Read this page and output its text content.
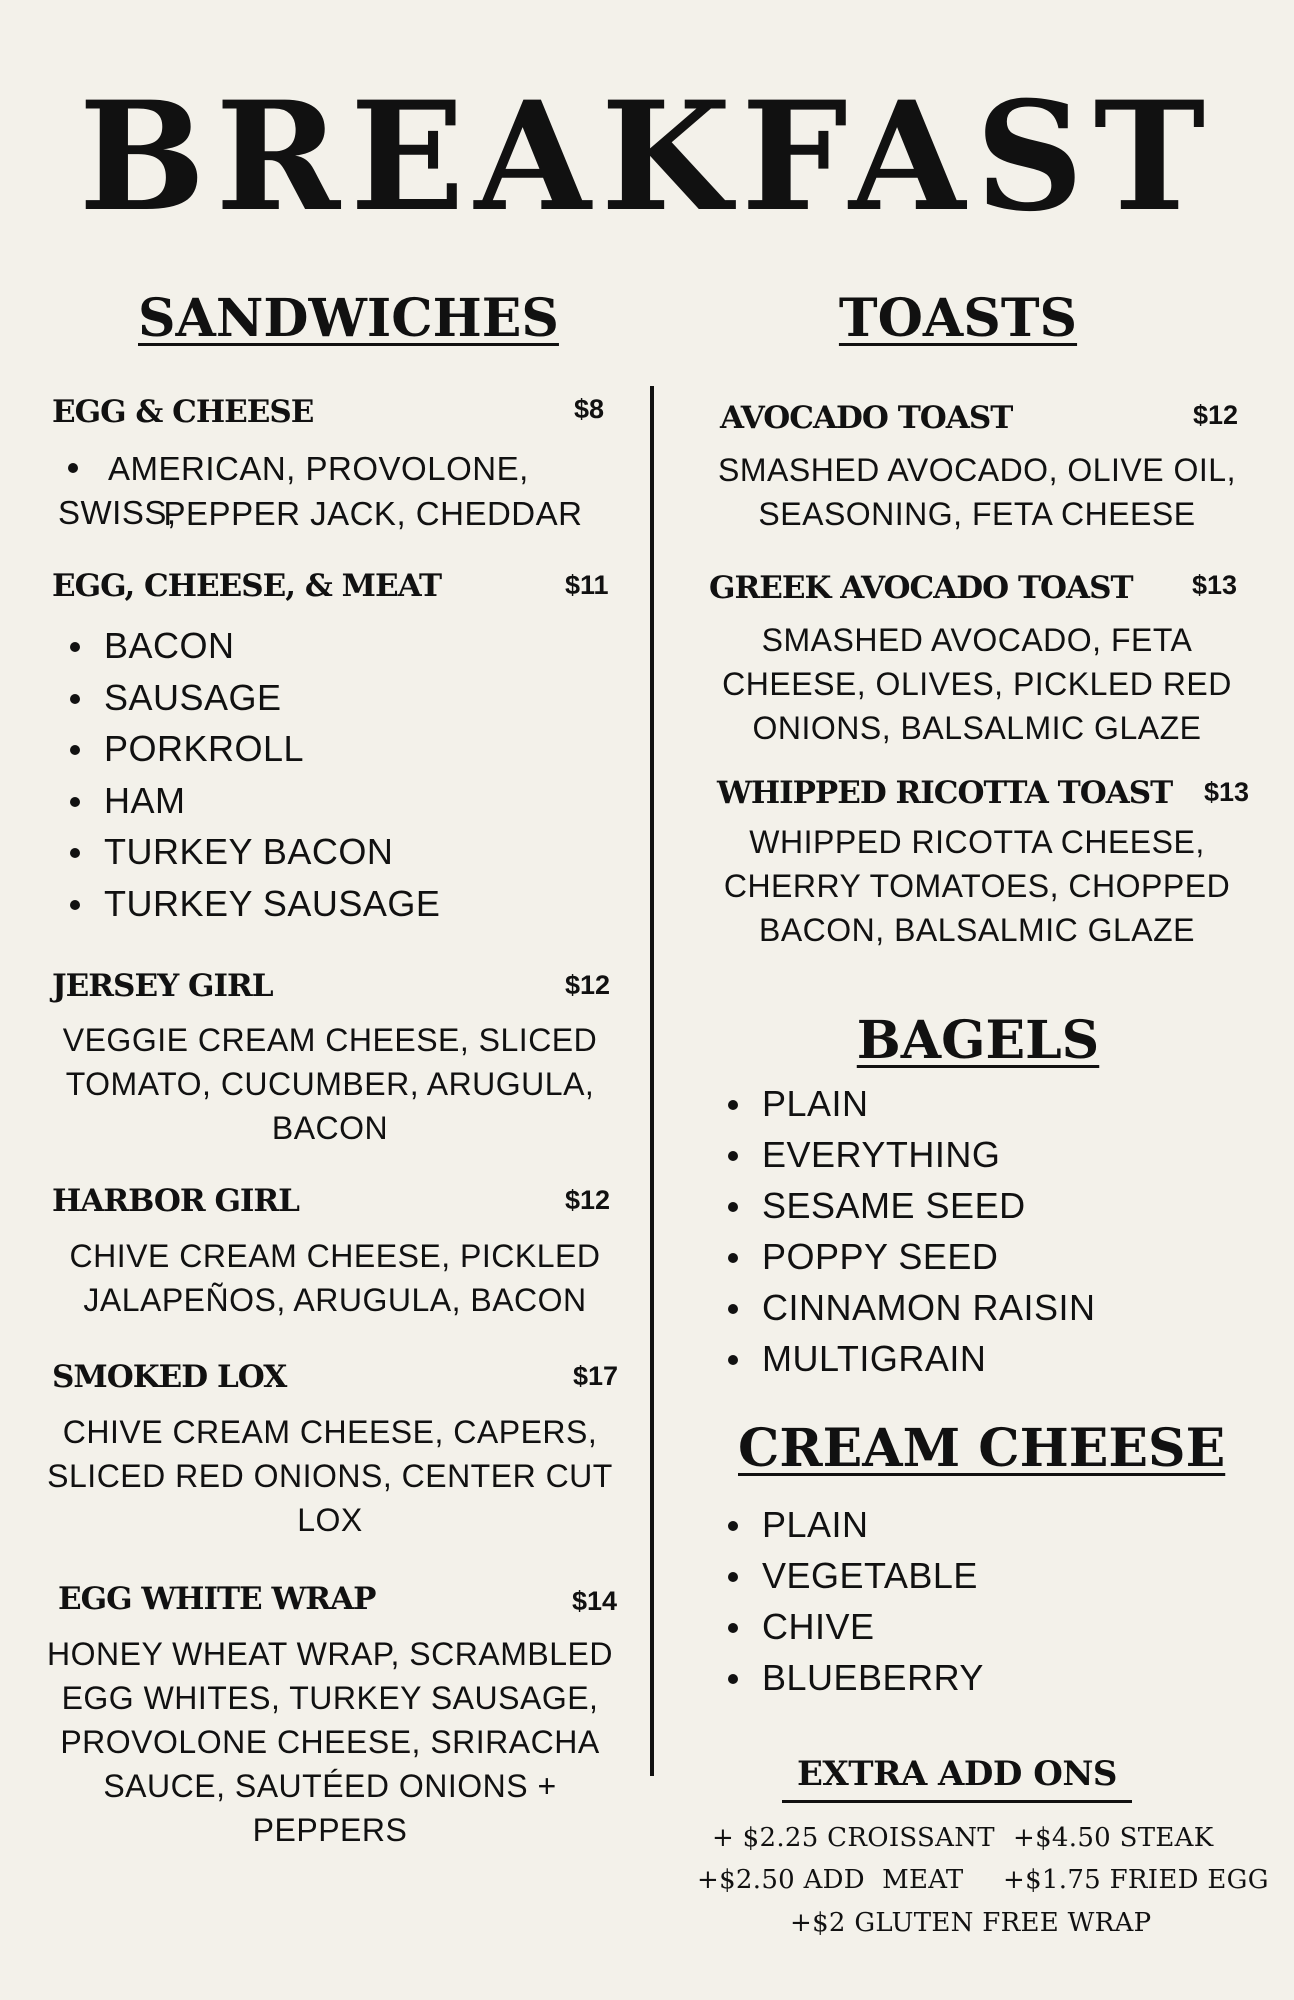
BREAKFAST
SANDWICHES	TOASTS
EGG & CHEESE	$8
AMERICAN, PROVOLONE, SWISS,
PEPPER JACK, CHEDDAR
EGG, CHEESE, & MEAT	$11
BACON
SAUSAGE
PORKROLL
HAM
TURKEY BACON
TURKEY SAUSAGE
JERSEY GIRL	$12
VEGGIE CREAM CHEESE, SLICED
TOMATO, CUCUMBER, ARUGULA,
BACON
HARBOR GIRL	$12
CHIVE CREAM CHEESE, PICKLED
JALAPEÑOS, ARUGULA, BACON
SMOKED LOX	$17
CHIVE CREAM CHEESE, CAPERS,
SLICED RED ONIONS, CENTER CUT
LOX
EGG WHITE WRAP	$14
HONEY WHEAT WRAP, SCRAMBLED
EGG WHITES, TURKEY SAUSAGE,
PROVOLONE CHEESE, SRIRACHA
SAUCE, SAUTÉED ONIONS +
PEPPERS
AVOCADO TOAST	$12
SMASHED AVOCADO, OLIVE OIL,
SEASONING, FETA CHEESE
GREEK AVOCADO TOAST $13
SMASHED AVOCADO, FETA
CHEESE, OLIVES, PICKLED RED
ONIONS, BALSALMIC GLAZE
WHIPPED RICOTTA TOAST $13
WHIPPED RICOTTA CHEESE,
CHERRY TOMATOES, CHOPPED
BACON, BALSALMIC GLAZE
BAGELS
PLAIN
EVERYTHING
SESAME SEED
POPPY SEED
CINNAMON RAISIN
MULTIGRAIN
CREAM CHEESE
PLAIN
VEGETABLE
CHIVE
BLUEBERRY
EXTRA ADD ONS
+ $2.25 CROISSANT +$4.50 STEAK
+$2.50 ADD  MEAT +$1.75 FRIED EGG
+$2 GLUTEN FREE WRAP
